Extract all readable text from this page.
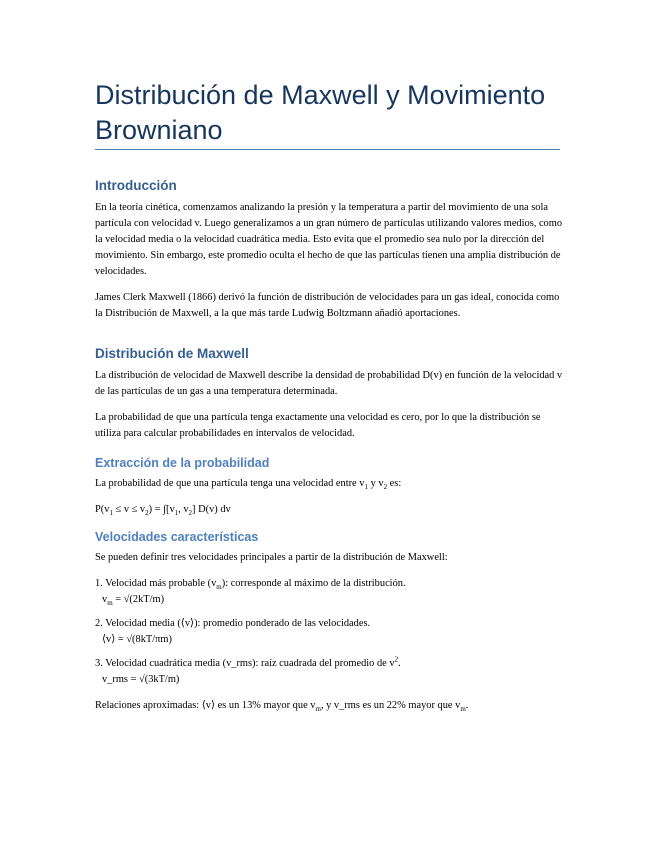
Distribución de Maxwell y Movimiento Browniano
Introducción

En la teoría cinética, comenzamos analizando la presión y la temperatura a partir del movimiento de una sola partícula con velocidad v. Luego generalizamos a un gran número de partículas utilizando valores medios, como la velocidad media o la velocidad cuadrática media. Esto evita que el promedio sea nulo por la dirección del movimiento. Sin embargo, este promedio oculta el hecho de que las partículas tienen una amplia distribución de velocidades.

James Clerk Maxwell (1866) derivó la función de distribución de velocidades para un gas ideal, conocida como la Distribución de Maxwell, a la que más tarde Ludwig Boltzmann añadió aportaciones.

Distribución de Maxwell

La distribución de velocidad de Maxwell describe la densidad de probabilidad D(v) en función de la velocidad v de las partículas de un gas a una temperatura determinada.

La probabilidad de que una partícula tenga exactamente una velocidad es cero, por lo que la distribución se utiliza para calcular probabilidades en intervalos de velocidad.

Extracción de la probabilidad

La probabilidad de que una partícula tenga una velocidad entre $v_1$ y $v_2$ es:

$P(v_1 \le v \le v_2) = \int[v_1$, $v_2$] D(v) dv

Velocidades características

Se pueden definir tres velocidades principales a partir de la distribución de Maxwell:

1. Velocidad más probable $(v_m)$: corresponde al máximo de la distribución.

$v_m = √(2kT/m)$

2. Velocidad media (⟨v⟩): promedio ponderado de las velocidades.

⟨v⟩ = √(8kT/πm)

3. Velocidad cuadrática media (v_rms): raíz cuadrada del promedio de $v^2$.

v_rms = √(3kT/m)

Relaciones aproximadas: ⟨v⟩ es un 13% mayor que $v_m$, y v_rms es un 22% mayor que $v_m$.
